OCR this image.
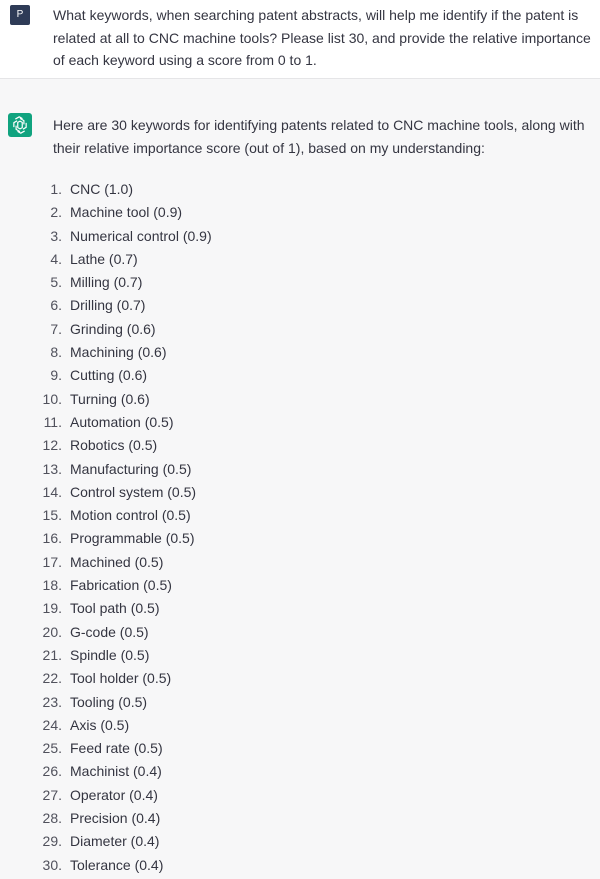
P	What keywords, when searching patent abstracts, will help me identify if the patent is related at all to CNC machine tools? Please list 30, and provide the relative importance of each keyword using a score from 0 to 1.
Here are 30 keywords for identifying patents related to CNC machine tools, along with their relative importance score (out of 1), based on my understanding:
1. CNC (1.0)
2. Machine tool (0.9)
3. Numerical control (0.9)
4. Lathe (0.7)
5. Milling (0.7)
6. Drilling (0.7)
7. Grinding (0.6)
8. Machining (0.6)
9. Cutting (0.6)
10. Turning (0.6)
11. Automation (0.5)
12. Robotics (0.5)
13. Manufacturing (0.5)
14. Control system (0.5)
15. Motion control (0.5)
16. Programmable (0.5)
17. Machined (0.5)
18. Fabrication (0.5)
19. Tool path (0.5)
20. G-code (0.5)
21. Spindle (0.5)
22. Tool holder (0.5)
23. Tooling (0.5)
24. Axis (0.5)
25. Feed rate (0.5)
26. Machinist (0.4)
27. Operator (0.4)
28. Precision (0.4)
29. Diameter (0.4)
30. Tolerance (0.4)
